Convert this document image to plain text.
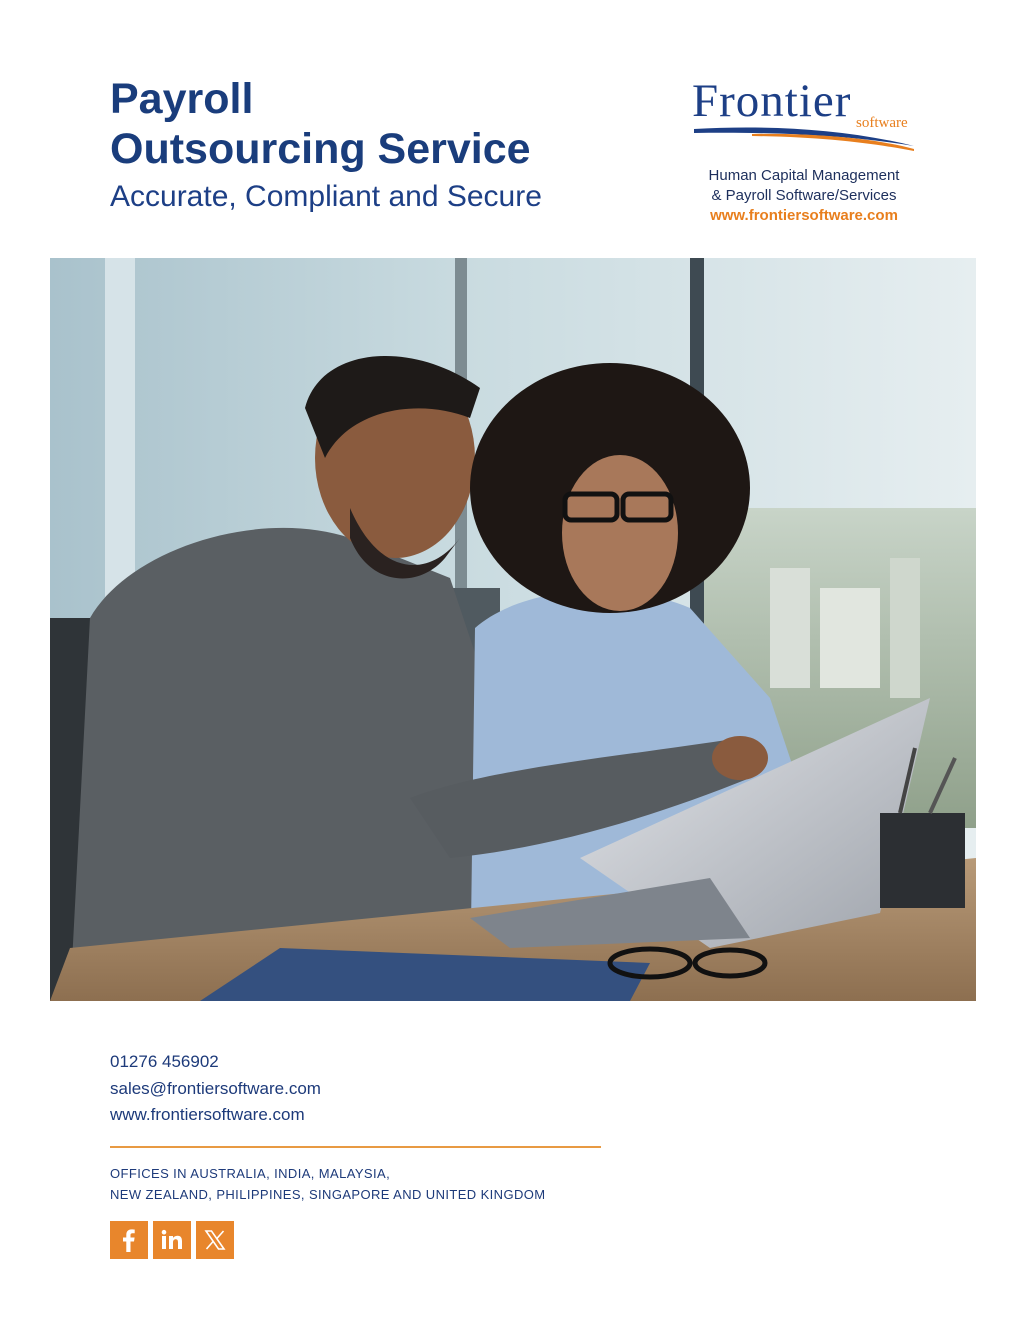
Payroll
Outsourcing Service
Accurate, Compliant and Secure
Frontier software
Human Capital Management
& Payroll Software/Services
www.frontiersoftware.com
01276 456902
sales@frontiersoftware.com
www.frontiersoftware.com
OFFICES IN AUSTRALIA, INDIA, MALAYSIA,
NEW ZEALAND, PHILIPPINES, SINGAPORE AND UNITED KINGDOM
